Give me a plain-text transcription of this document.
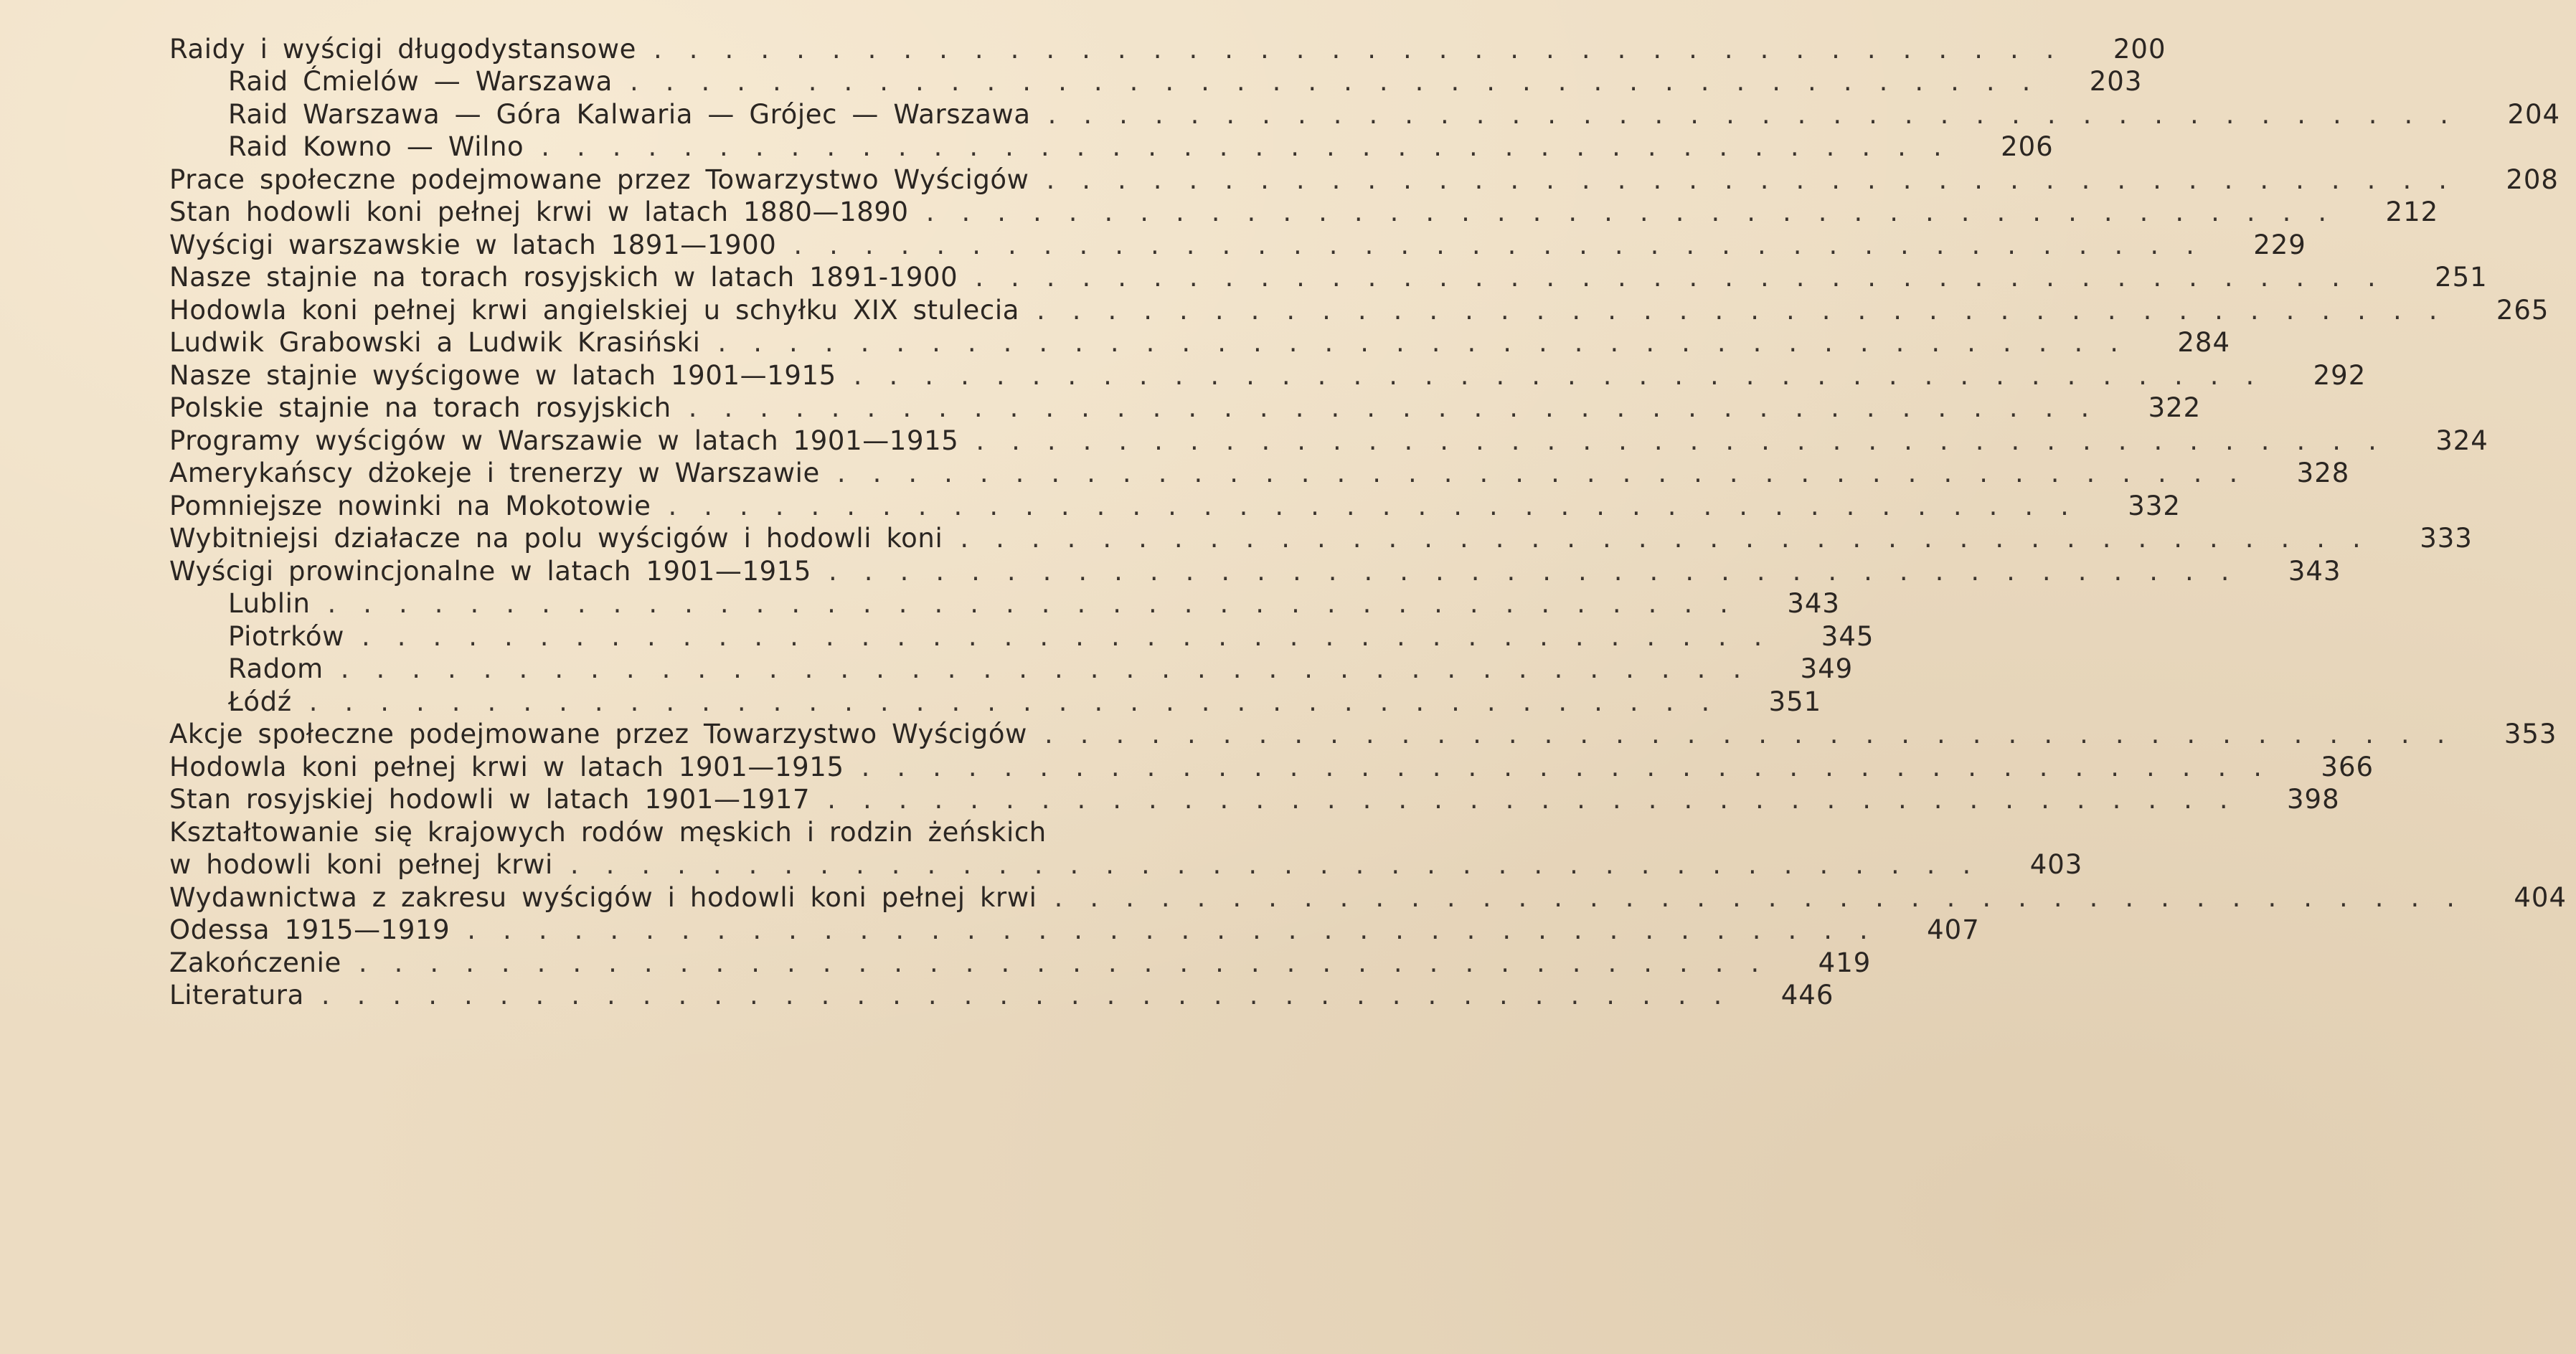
Raidy i wyścigi długodystansowe ........................................	200
Raid Ćmielów — Warszawa ........................................	203
Raid Warszawa — Góra Kalwaria — Grójec — Warszawa ........................................	204
Raid Kowno — Wilno ........................................	206
Prace społeczne podejmowane przez Towarzystwo Wyścigów ........................................	208
Stan hodowli koni pełnej krwi w latach 1880—1890 ........................................	212
Wyścigi warszawskie w latach 1891—1900 ........................................	229
Nasze stajnie na torach rosyjskich w latach 1891-1900 ........................................	251
Hodowla koni pełnej krwi angielskiej u schyłku XIX stulecia ........................................	265
Ludwik Grabowski a Ludwik Krasiński ........................................	284
Nasze stajnie wyścigowe w latach 1901—1915 ........................................	292
Polskie stajnie na torach rosyjskich ........................................	322
Programy wyścigów w Warszawie w latach 1901—1915 ........................................	324
Amerykańscy dżokeje i trenerzy w Warszawie ........................................	328
Pomniejsze nowinki na Mokotowie ........................................	332
Wybitniejsi działacze na polu wyścigów i hodowli koni ........................................	333
Wyścigi prowincjonalne w latach 1901—1915 ........................................	343
Lublin ........................................	343
Piotrków ........................................	345
Radom ........................................	349
Łódź ........................................	351
Akcje społeczne podejmowane przez Towarzystwo Wyścigów ........................................	353
Hodowla koni pełnej krwi w latach 1901—1915 ........................................	366
Stan rosyjskiej hodowli w latach 1901—1917 ........................................	398
Kształtowanie się krajowych rodów męskich i rodzin żeńskich
w hodowli koni pełnej krwi ........................................	403
Wydawnictwa z zakresu wyścigów i hodowli koni pełnej krwi ........................................	404
Odessa 1915—1919 ........................................	407
Zakończenie ........................................	419
Literatura ........................................	446
